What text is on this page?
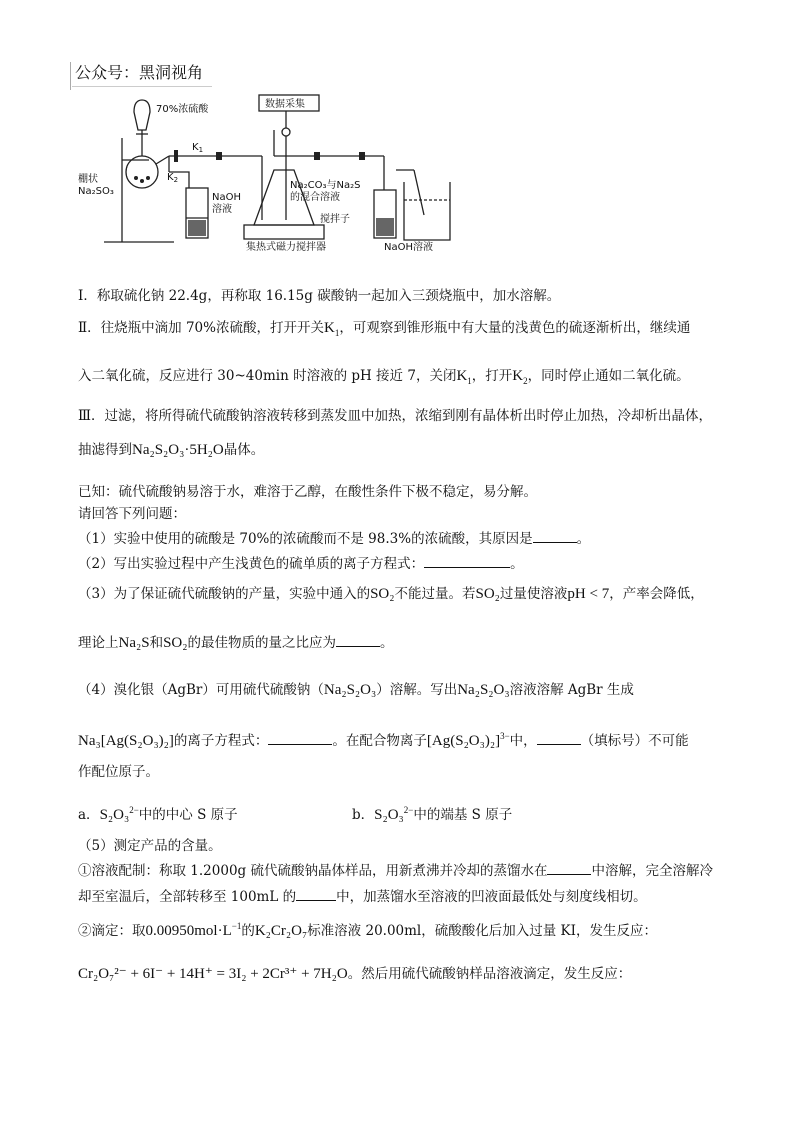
公众号：黑洞视角
70%浓硫酸
$K_1$
$K_2$
棚状
Na₂SO₃
NaOH
溶液
数据采集
Na₂CO₃与Na₂S
的混合溶液
搅拌子
集热式磁力搅拌器	NaOH溶液
Ⅰ．称取硫化钠 22.4g，再称取 16.15g 碳酸钠一起加入三颈烧瓶中，加水溶解。
Ⅱ．往烧瓶中滴加 70%浓硫酸，打开开关$K_1$，可观察到锥形瓶中有大量的浅黄色的硫逐渐析出，继续通
入二氧化硫，反应进行 30~40min 时溶液的 pH 接近 7，关闭$K_1$，打开$K_2$，同时停止通如二氧化硫。
Ⅲ．过滤，将所得硫代硫酸钠溶液转移到蒸发皿中加热，浓缩到刚有晶体析出时停止加热，冷却析出晶体，
抽滤得到Na₂S₂O₃·5H₂O晶体。
已知：硫代硫酸钠易溶于水，难溶于乙醇，在酸性条件下极不稳定，易分解。
请回答下列问题：
（1）实验中使用的硫酸是 70%的浓硫酸而不是 98.3%的浓硫酸，其原因是	。
（2）写出实验过程中产生浅黄色的硫单质的离子方程式：	。
（3）为了保证硫代硫酸钠的产量，实验中通入的SO₂不能过量。若SO₂过量使溶液pH < 7，产率会降低，
理论上Na₂S和SO₂的最佳物质的量之比应为	。
（4）溴化银（AgBr）可用硫代硫酸钠（Na₂S₂O₃）溶解。写出Na₂S₂O₃溶液溶解 AgBr 生成
Na₃[Ag(S₂O₃)₂]的离子方程式：	。在配合物离子$[Ag(S_2O_3)_2]^{3-}$中，	（填标号）不可能
作配位原子。
a．S₂O₃$^{2-}$中的中心 S 原子	b．S₂O₃$^{2-}$中的端基 S 原子
（5）测定产品的含量。
①溶液配制：称取 1.2000g 硫代硫酸钠晶体样品，用新煮沸并冷却的蒸馏水在	中溶解，完全溶解冷
却至室温后，全部转移至 100mL 的	中，加蒸馏水至溶液的凹液面最低处与刻度线相切。
②滴定：取$0.00950mol\cdot L^{-1}$的K₂Cr₂O₇标准溶液 20.00ml，硫酸酸化后加入过量 KI，发生反应：
Cr₂O₇²⁻ + 6I⁻ + 14H⁺ = 3I₂ + 2Cr³⁺ + 7H₂O。然后用硫代硫酸钠样品溶液滴定，发生反应：
